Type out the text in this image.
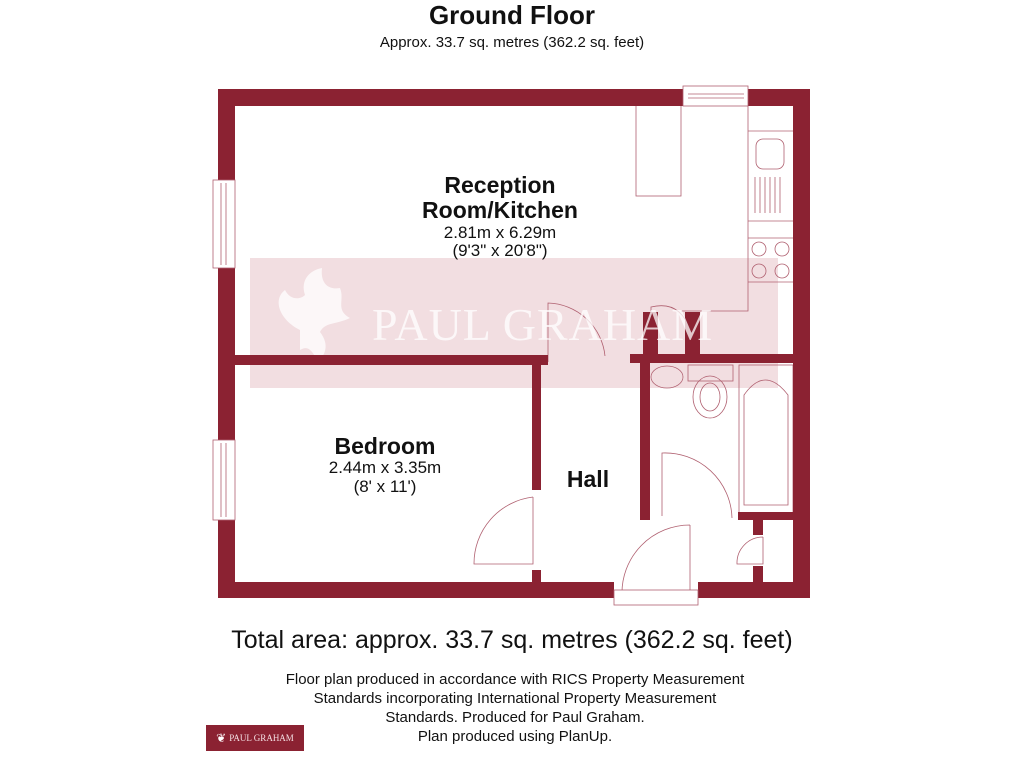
Ground Floor
Approx. 33.7 sq. metres (362.2 sq. feet)
PAUL GRAHAM
Reception
Room/Kitchen
2.81m x 6.29m
(9'3" x 20'8")
Bedroom
2.44m x 3.35m
(8' x 11')	Hall
Total area: approx. 33.7 sq. metres (362.2 sq. feet)
Floor plan produced in accordance with RICS Property Measurement Standards incorporating International Property Measurement Standards. Produced for Paul Graham.
Plan produced using PlanUp.
❦ PAUL GRAHAM
